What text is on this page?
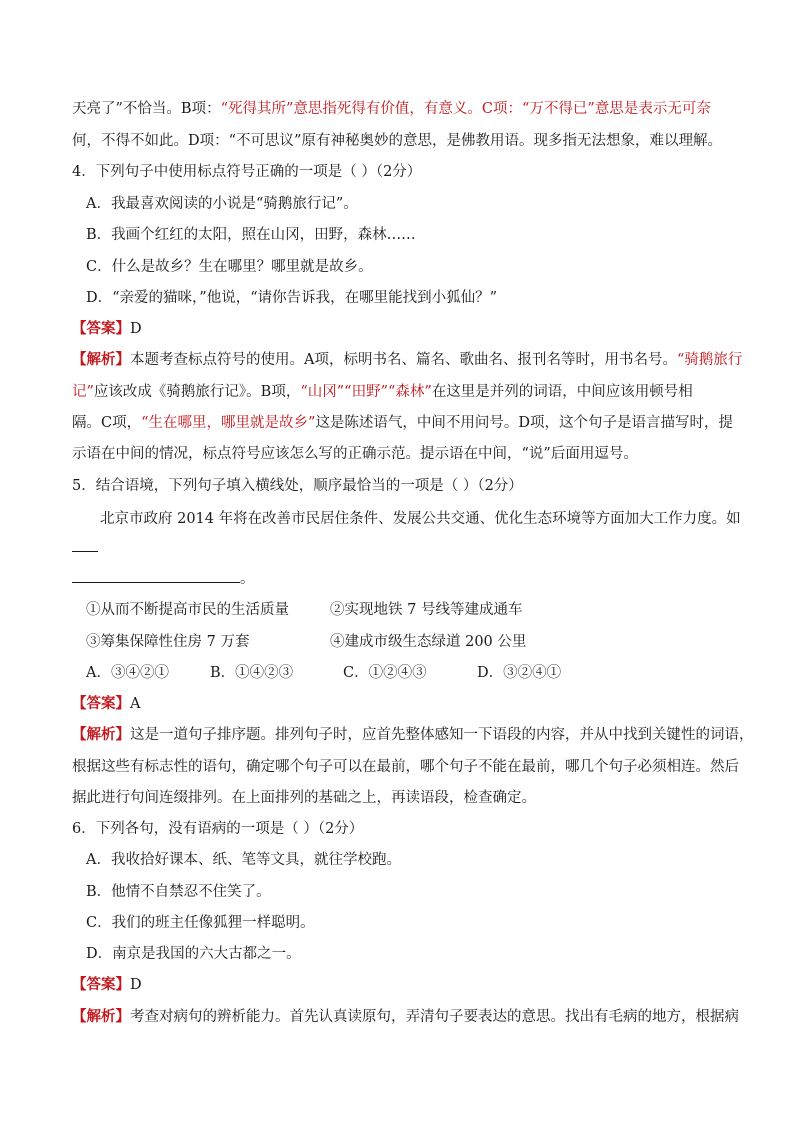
天亮了”不恰当。B项：“死得其所”意思指死得有价值，有意义。C项：“万不得已”意思是表示无可奈
何，不得不如此。D项：“不可思议”原有神秘奥妙的意思，是佛教用语。现多指无法想象，难以理解。
4．下列句子中使用标点符号正确的一项是（ ）（2分）
A．我最喜欢阅读的小说是“骑鹅旅行记”。
B．我画个红红的太阳，照在山冈，田野，森林……
C．什么是故乡？生在哪里？哪里就是故乡。
D．“亲爱的猫咪，”他说，“请你告诉我，在哪里能找到小狐仙？”
【答案】D
【解析】本题考查标点符号的使用。A项，标明书名、篇名、歌曲名、报刊名等时，用书名号。“骑鹅旅行
记”应该改成《骑鹅旅行记》。B项，“山冈”“田野”“森林”在这里是并列的词语，中间应该用顿号相
隔。C项，“生在哪里，哪里就是故乡”这是陈述语气，中间不用问号。D项，这个句子是语言描写时，提
示语在中间的情况，标点符号应该怎么写的正确示范。提示语在中间，“说”后面用逗号。
5．结合语境，下列句子填入横线处，顺序最恰当的一项是（ ）（2分）
北京市政府 2014 年将在改善市民居住条件、发展公共交通、优化生态环境等方面加大工作力度。如
。
①从而不断提高市民的生活质量	②实现地铁 7 号线等建成通车
③筹集保障性住房 7 万套	④建成市级生态绿道 200 公里
A．③④②①	B．①④②③	C．①②④③	D．③②④①
【答案】A
【解析】这是一道句子排序题。排列句子时，应首先整体感知一下语段的内容，并从中找到关键性的词语，
根据这些有标志性的语句，确定哪个句子可以在最前，哪个句子不能在最前，哪几个句子必须相连。然后
据此进行句间连缀排列。在上面排列的基础之上，再读语段，检查确定。
6．下列各句，没有语病的一项是（ ）（2分）
A．我收拾好课本、纸、笔等文具，就往学校跑。
B．他情不自禁忍不住笑了。
C．我们的班主任像狐狸一样聪明。
D．南京是我国的六大古都之一。
【答案】D
【解析】考查对病句的辨析能力。首先认真读原句，弄清句子要表达的意思。找出有毛病的地方，根据病
